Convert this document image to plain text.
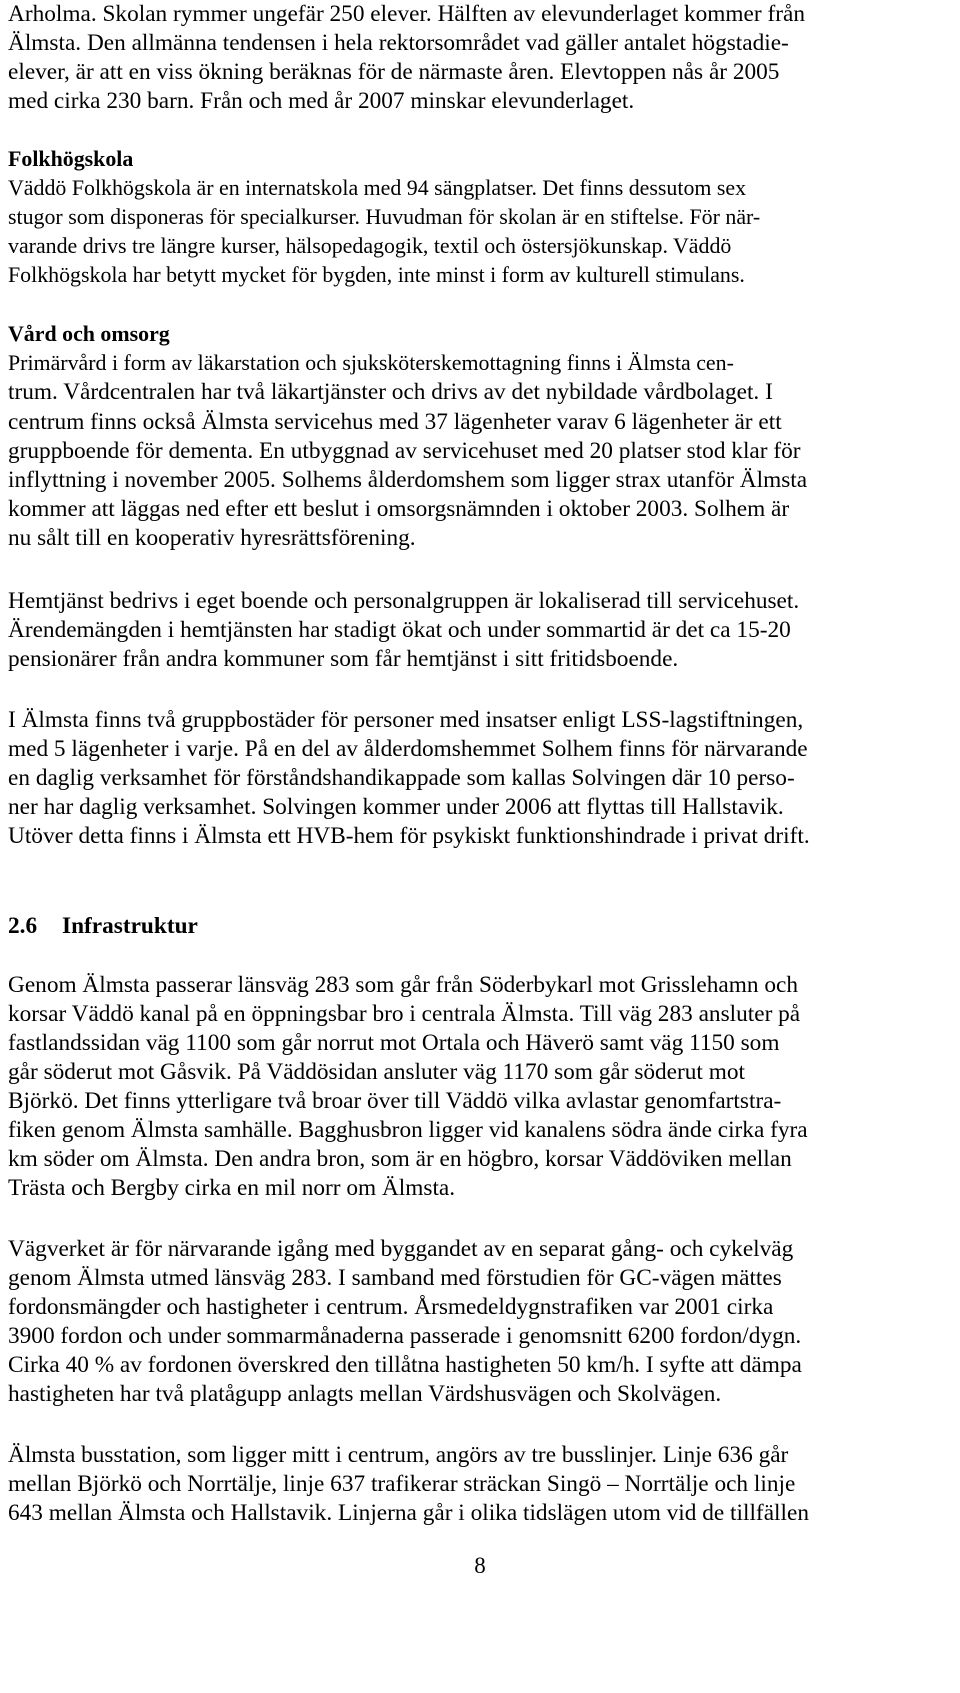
Arholma. Skolan rymmer ungefär 250 elever. Hälften av elevunderlaget kommer från
Älmsta. Den allmänna tendensen i hela rektorsområdet vad gäller antalet högstadie-
elever, är att en viss ökning beräknas för de närmaste åren. Elevtoppen nås år 2005
med cirka 230 barn. Från och med år 2007 minskar elevunderlaget.
Folkhögskola
Väddö Folkhögskola är en internatskola med 94 sängplatser. Det finns dessutom sex
stugor som disponeras för specialkurser. Huvudman för skolan är en stiftelse. För när-
varande drivs tre längre kurser, hälsopedagogik, textil och östersjökunskap. Väddö
Folkhögskola har betytt mycket för bygden, inte minst i form av kulturell stimulans.
Vård och omsorg
Primärvård i form av läkarstation och sjuksköterskemottagning finns i Älmsta cen-
trum. Vårdcentralen har två läkartjänster och drivs av det nybildade vårdbolaget. I
centrum finns också Älmsta servicehus med 37 lägenheter varav 6 lägenheter är ett
gruppboende för dementa. En utbyggnad av servicehuset med 20 platser stod klar för
inflyttning i november 2005. Solhems ålderdomshem som ligger strax utanför Älmsta
kommer att läggas ned efter ett beslut i omsorgsnämnden i oktober 2003. Solhem är
nu sålt till en kooperativ hyresrättsförening.
Hemtjänst bedrivs i eget boende och personalgruppen är lokaliserad till servicehuset.
Ärendemängden i hemtjänsten har stadigt ökat och under sommartid är det ca 15-20
pensionärer från andra kommuner som får hemtjänst i sitt fritidsboende.
I Älmsta finns två gruppbostäder för personer med insatser enligt LSS-lagstiftningen,
med 5 lägenheter i varje. På en del av ålderdomshemmet Solhem finns för närvarande
en daglig verksamhet för förståndshandikappade som kallas Solvingen där 10 perso-
ner har daglig verksamhet. Solvingen kommer under 2006 att flyttas till Hallstavik.
Utöver detta finns i Älmsta ett HVB-hem för psykiskt funktionshindrade i privat drift.
2.6 Infrastruktur
Genom Älmsta passerar länsväg 283 som går från Söderbykarl mot Grisslehamn och
korsar Väddö kanal på en öppningsbar bro i centrala Älmsta. Till väg 283 ansluter på
fastlandssidan väg 1100 som går norrut mot Ortala och Häverö samt väg 1150 som
går söderut mot Gåsvik. På Väddösidan ansluter väg 1170 som går söderut mot
Björkö. Det finns ytterligare två broar över till Väddö vilka avlastar genomfartstra-
fiken genom Älmsta samhälle. Bagghusbron ligger vid kanalens södra ände cirka fyra
km söder om Älmsta. Den andra bron, som är en högbro, korsar Väddöviken mellan
Trästa och Bergby cirka en mil norr om Älmsta.
Vägverket är för närvarande igång med byggandet av en separat gång- och cykelväg
genom Älmsta utmed länsväg 283. I samband med förstudien för GC-vägen mättes
fordonsmängder och hastigheter i centrum. Årsmedeldygnstrafiken var 2001 cirka
3900 fordon och under sommarmånaderna passerade i genomsnitt 6200 fordon/dygn.
Cirka 40 % av fordonen överskred den tillåtna hastigheten 50 km/h. I syfte att dämpa
hastigheten har två platågupp anlagts mellan Värdshusvägen och Skolvägen.
Älmsta busstation, som ligger mitt i centrum, angörs av tre busslinjer. Linje 636 går
mellan Björkö och Norrtälje, linje 637 trafikerar sträckan Singö – Norrtälje och linje
643 mellan Älmsta och Hallstavik. Linjerna går i olika tidslägen utom vid de tillfällen
8
